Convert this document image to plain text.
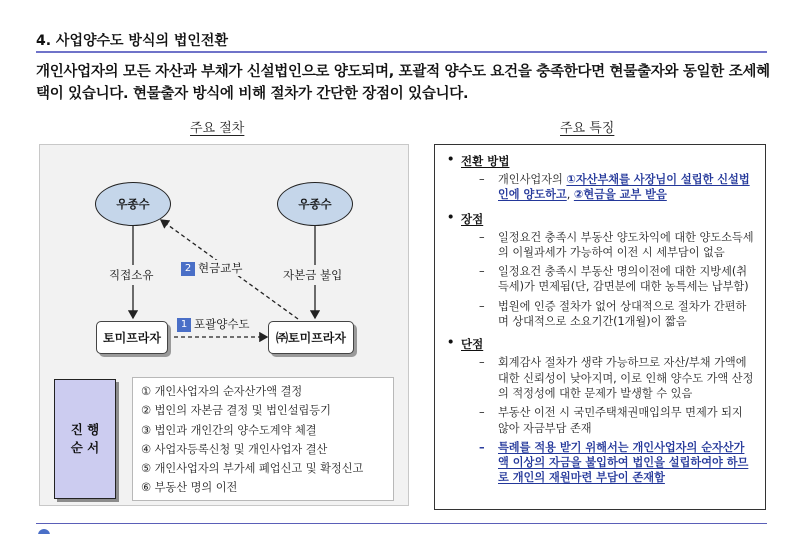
4. 사업양수도 방식의 법인전환
개인사업자의 모든 자산과 부채가 신설법인으로 양도되며, 포괄적 양수도 요건을 충족한다면 현물출자와 동일한 조세혜택이 있습니다. 현물출자 방식에 비해 절차가 간단한 장점이 있습니다.
주요 절차	주요 특징
우종수	우종수
직접소유	자본금 불입
2 현금교부
1 포괄양수도
토미프라자	㈜토미프라자
진 행
순 서
① 개인사업자의 순자산가액 결정
② 법인의 자본금 결정 및 법인설립등기
③ 법인과 개인간의 양수도계약 체결
④ 사업자등록신청 및 개인사업자 결산
⑤ 개인사업자의 부가세 폐업신고 및 확정신고
⑥ 부동산 명의 이전
• 전환 방법
– 개인사업자의 ①자산부채를 사장님이 설립한 신설법인에 양도하고, ②현금을 교부 받음
• 장점
– 일정요건 충족시 부동산 양도차익에 대한 양도소득세의 이월과세가 가능하여 이전 시 세부담이 없음
– 일정요건 충족시 부동산 명의이전에 대한 지방세(취득세)가 면제됨(단, 감면분에 대한 농특세는 납부함)
– 법원에 인증 절차가 없어 상대적으로 절차가 간편하며 상대적으로 소요기간(1개월)이 짧음
• 단점
– 회계감사 절차가 생략 가능하므로 자산/부채 가액에 대한 신뢰성이 낮아지며, 이로 인해 양수도 가액 산정의 적정성에 대한 문제가 발생할 수 있음
– 부동산 이전 시 국민주택채권매입의무 면제가 되지 않아 자금부담 존재
– 특례를 적용 받기 위해서는 개인사업자의 순자산가액 이상의 자금을 불입하여 법인을 설립하여야 하므로 개인의 재원마련 부담이 존재함
